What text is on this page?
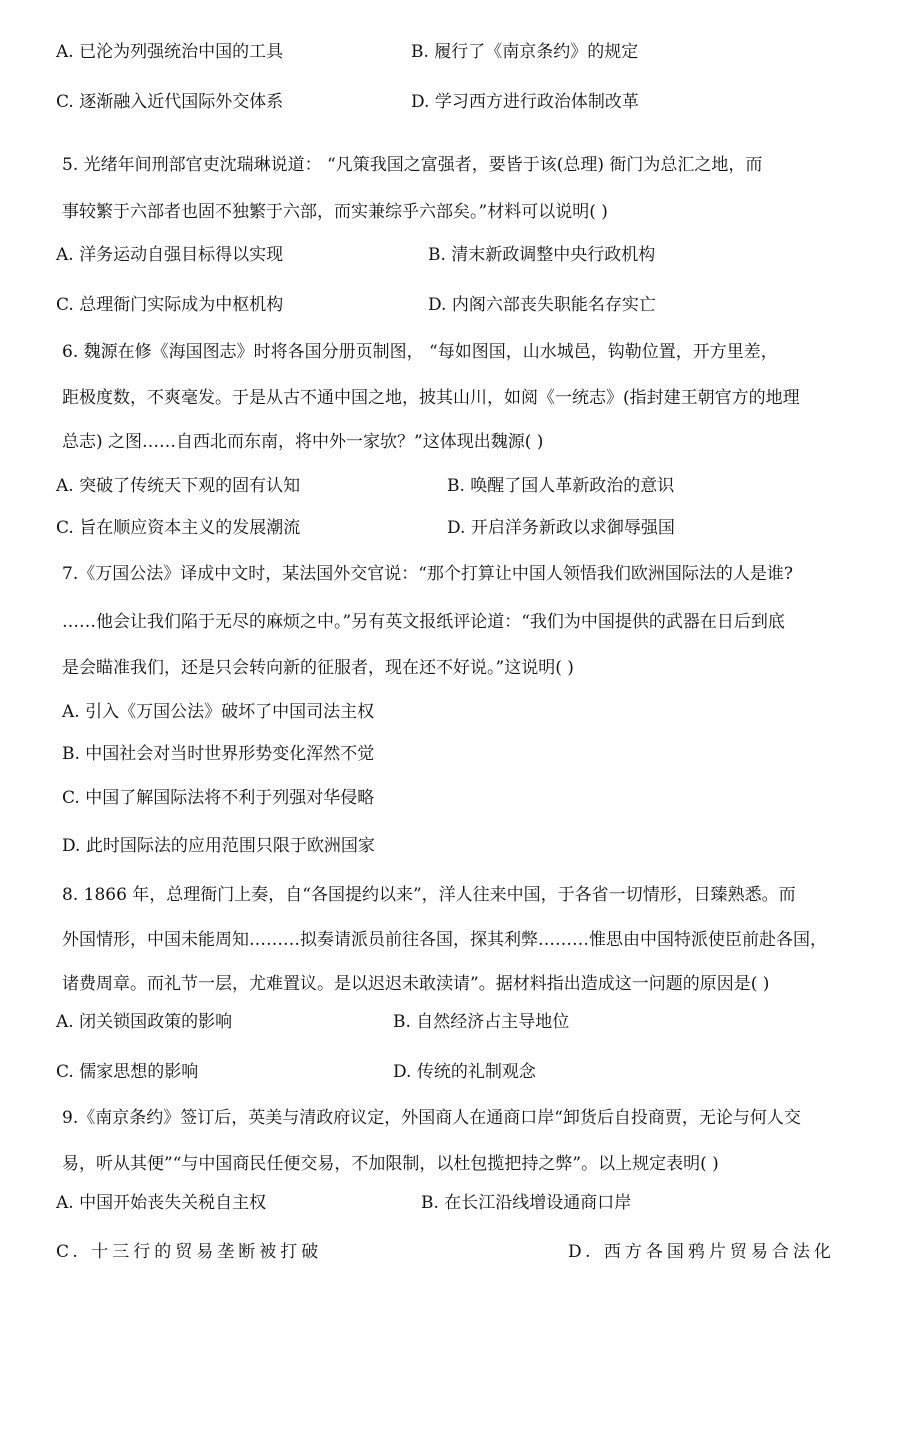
A. 已沦为列强统治中国的工具	B. 履行了《南京条约》的规定
C. 逐渐融入近代国际外交体系	D. 学习西方进行政治体制改革
5. 光绪年间刑部官吏沈瑞琳说道： “凡策我国之富强者，要皆于该(总理) 衙门为总汇之地，而
事较繁于六部者也固不独繁于六部，而实兼综乎六部矣。”材料可以说明( )
A. 洋务运动自强目标得以实现	B. 清末新政调整中央行政机构
C. 总理衙门实际成为中枢机构	D. 内阁六部丧失职能名存实亡
6. 魏源在修《海国图志》时将各国分册页制图， “每如图国，山水城邑，钩勒位置，开方里差，
距极度数，不爽毫发。于是从古不通中国之地，披其山川，如阅《一统志》(指封建王朝官方的地理
总志) 之图……自西北而东南，将中外一家欤？”这体现出魏源( )
A. 突破了传统天下观的固有认知	B. 唤醒了国人革新政治的意识
C. 旨在顺应资本主义的发展潮流	D. 开启洋务新政以求御辱强国
7.《万国公法》译成中文时，某法国外交官说：“那个打算让中国人领悟我们欧洲国际法的人是谁?
……他会让我们陷于无尽的麻烦之中。”另有英文报纸评论道：“我们为中国提供的武器在日后到底
是会瞄准我们，还是只会转向新的征服者，现在还不好说。”这说明( )
A. 引入《万国公法》破坏了中国司法主权
B. 中国社会对当时世界形势变化浑然不觉
C. 中国了解国际法将不利于列强对华侵略
D. 此时国际法的应用范围只限于欧洲国家
8. 1866 年，总理衙门上奏，自“各国提约以来”，洋人往来中国，于各省一切情形，日臻熟悉。而
外国情形，中国未能周知………拟奏请派员前往各国，探其利弊………惟思由中国特派使臣前赴各国，
诸费周章。而礼节一层，尤难置议。是以迟迟未敢渎请”。据材料指出造成这一问题的原因是( )
A. 闭关锁国政策的影响	B. 自然经济占主导地位
C. 儒家思想的影响	D. 传统的礼制观念
9.《南京条约》签订后，英美与清政府议定，外国商人在通商口岸“卸货后自投商贾，无论与何人交
易，听从其便”“与中国商民任便交易，不加限制，以杜包揽把持之弊”。以上规定表明( )
A. 中国开始丧失关税自主权	B. 在长江沿线增设通商口岸
C. 十三行的贸易垄断被打破	D. 西方各国鸦片贸易合法化
